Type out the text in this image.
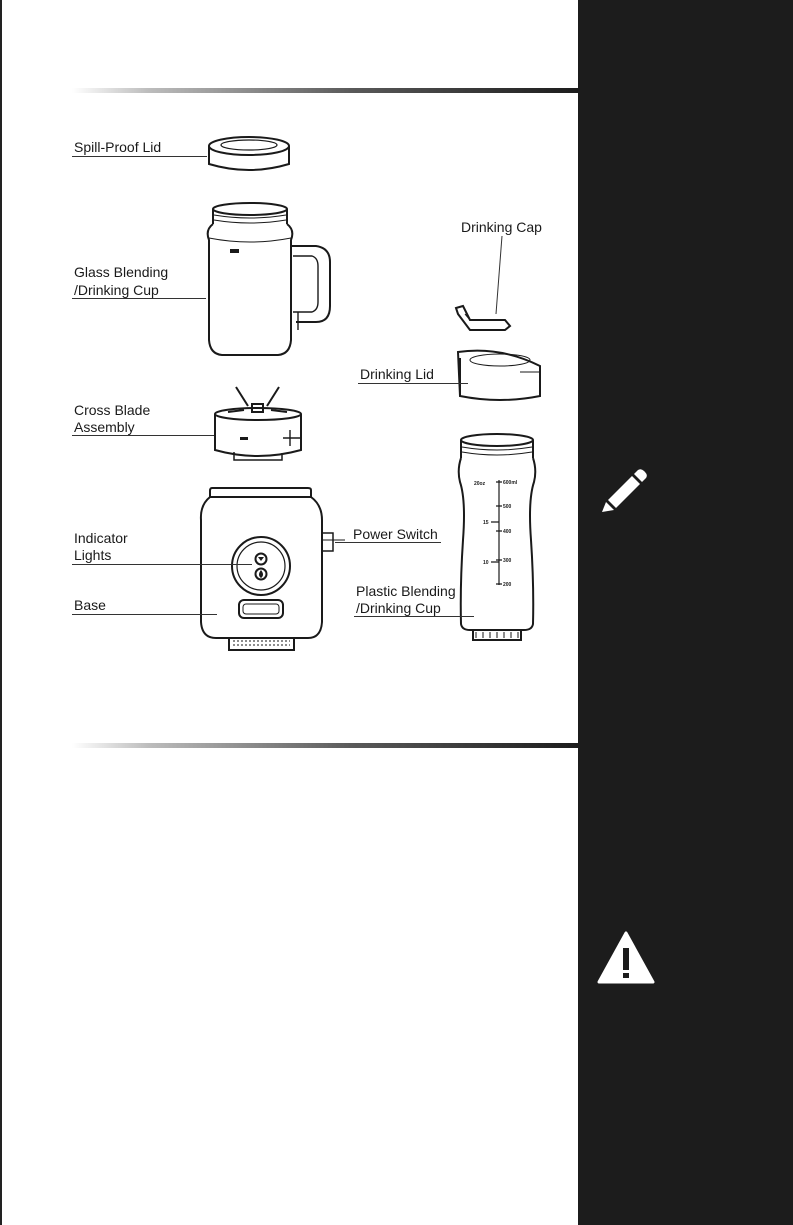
20oz	600ml
500
15
400
10	300
200
Spill-Proof Lid
Glass Blending
/Drinking Cup
Cross Blade
Assembly
Indicator
Lights
Base
Drinking Cap
Drinking Lid
Power Switch
Plastic Blending
/Drinking Cup
